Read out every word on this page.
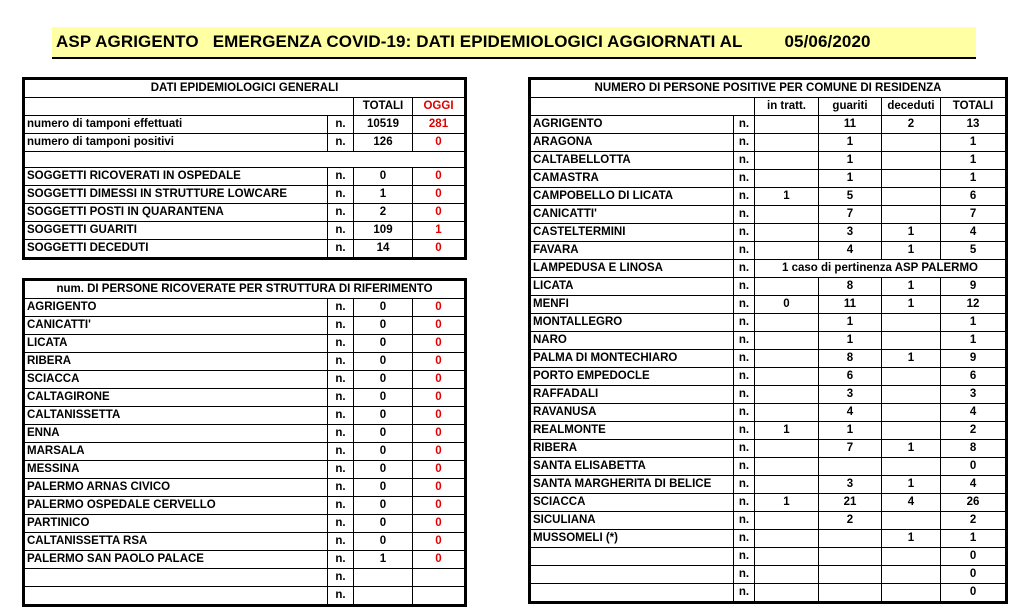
ASP AGRIGENTO EMERGENZA COVID-19: DATI EPIDEMIOLOGICI AGGIORNATI AL 05/06/2020
DATI EPIDEMIOLOGICI GENERALI			
		TOTALI	OGGI
numero di tamponi effettuati	n.	10519	281
numero di tamponi positivi	n.	126	0

SOGGETTI RICOVERATI IN OSPEDALE	n.	0	0
SOGGETTI DIMESSI IN STRUTTURE LOWCARE	n.	1	0
SOGGETTI POSTI IN QUARANTENA	n.	2	0
SOGGETTI GUARITI	n.	109	1
SOGGETTI DECEDUTI	n.	14	0
num. DI PERSONE RICOVERATE PER STRUTTURA DI RIFERIMENTO			
AGRIGENTO	n.	0	0
CANICATTI'	n.	0	0
LICATA	n.	0	0
RIBERA	n.	0	0
SCIACCA	n.	0	0
CALTAGIRONE	n.	0	0
CALTANISSETTA	n.	0	0
ENNA	n.	0	0
MARSALA	n.	0	0
MESSINA	n.	0	0
PALERMO ARNAS CIVICO	n.	0	0
PALERMO OSPEDALE CERVELLO	n.	0	0
PARTINICO	n.	0	0
CALTANISSETTA RSA	n.	0	0
PALERMO SAN PAOLO PALACE	n.	1	0
	n.		
	n.		
NUMERO DI PERSONE POSITIVE PER COMUNE DI RESIDENZA					
		in tratt.	guariti	deceduti	TOTALI
AGRIGENTO	n.		11	2	13
ARAGONA	n.		1		1
CALTABELLOTTA	n.		1		1
CAMASTRA	n.		1		1
CAMPOBELLO DI LICATA	n.	1	5		6
CANICATTI'	n.		7		7
CASTELTERMINI	n.		3	1	4
FAVARA	n.		4	1	5
LAMPEDUSA E LINOSA	n.	1 caso di pertinenza ASP PALERMO			
LICATA	n.		8	1	9
MENFI	n.	0	11	1	12
MONTALLEGRO	n.		1		1
NARO	n.		1		1
PALMA DI MONTECHIARO	n.		8	1	9
PORTO EMPEDOCLE	n.		6		6
RAFFADALI	n.		3		3
RAVANUSA	n.		4		4
REALMONTE	n.	1	1		2
RIBERA	n.		7	1	8
SANTA ELISABETTA	n.				0
SANTA MARGHERITA DI BELICE	n.		3	1	4
SCIACCA	n.	1	21	4	26
SICULIANA	n.		2		2
MUSSOMELI (*)	n.			1	1
	n.				0
	n.				0
	n.				0
